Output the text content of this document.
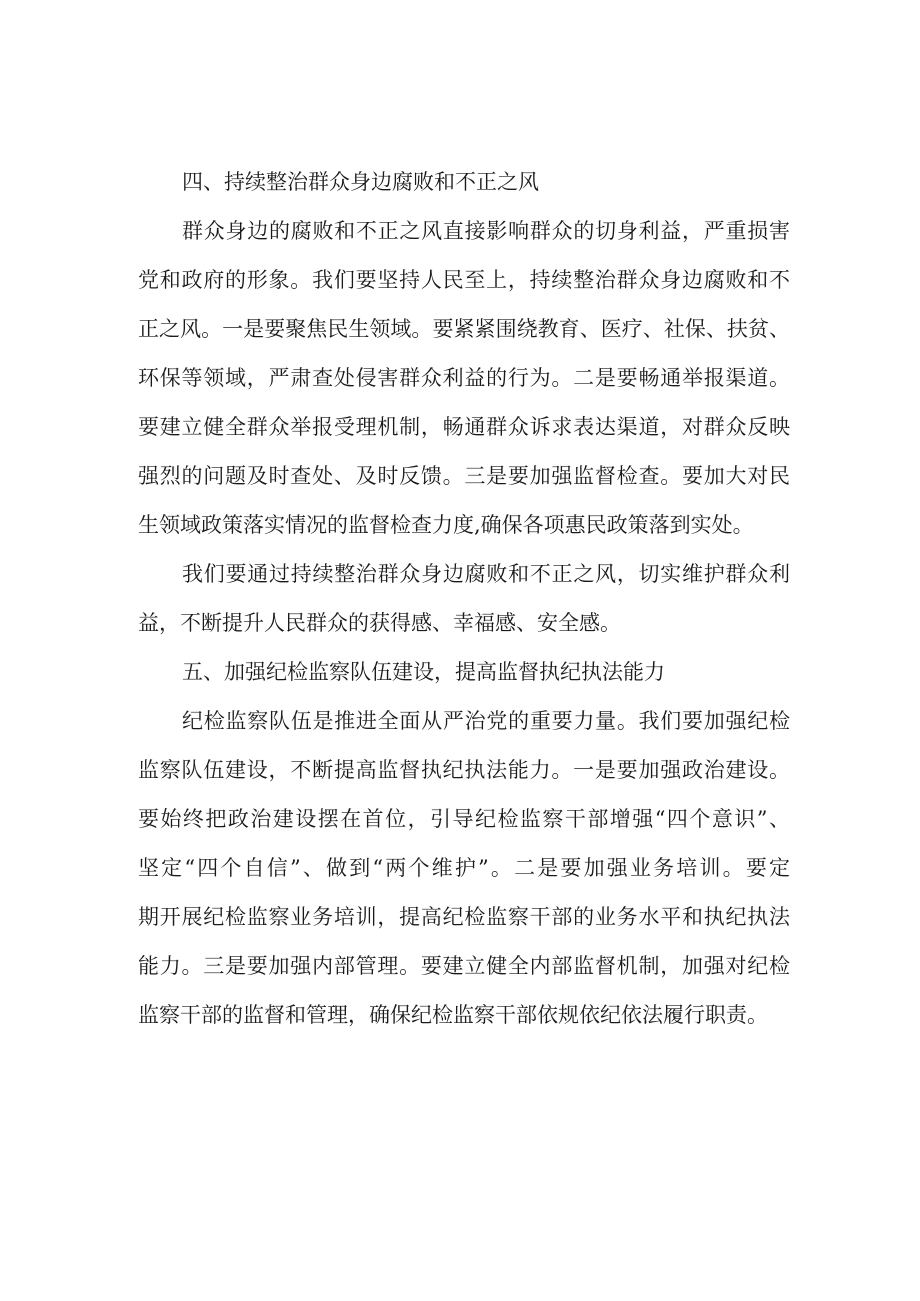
四、持续整治群众身边腐败和不正之风
群众身边的腐败和不正之风直接影响群众的切身利益，严重损害
党和政府的形象。我们要坚持人民至上，持续整治群众身边腐败和不
正之风。一是要聚焦民生领域。要紧紧围绕教育、医疗、社保、扶贫、
环保等领域，严肃查处侵害群众利益的行为。二是要畅通举报渠道。
要建立健全群众举报受理机制，畅通群众诉求表达渠道，对群众反映
强烈的问题及时查处、及时反馈。三是要加强监督检查。要加大对民
生领域政策落实情况的监督检查力度,确保各项惠民政策落到实处。
我们要通过持续整治群众身边腐败和不正之风，切实维护群众利
益，不断提升人民群众的获得感、幸福感、安全感。
五、加强纪检监察队伍建设，提高监督执纪执法能力
纪检监察队伍是推进全面从严治党的重要力量。我们要加强纪检
监察队伍建设，不断提高监督执纪执法能力。一是要加强政治建设。
要始终把政治建设摆在首位，引导纪检监察干部增强“四个意识”、
坚定“四个自信”、做到“两个维护”。二是要加强业务培训。要定
期开展纪检监察业务培训，提高纪检监察干部的业务水平和执纪执法
能力。三是要加强内部管理。要建立健全内部监督机制，加强对纪检
监察干部的监督和管理，确保纪检监察干部依规依纪依法履行职责。
